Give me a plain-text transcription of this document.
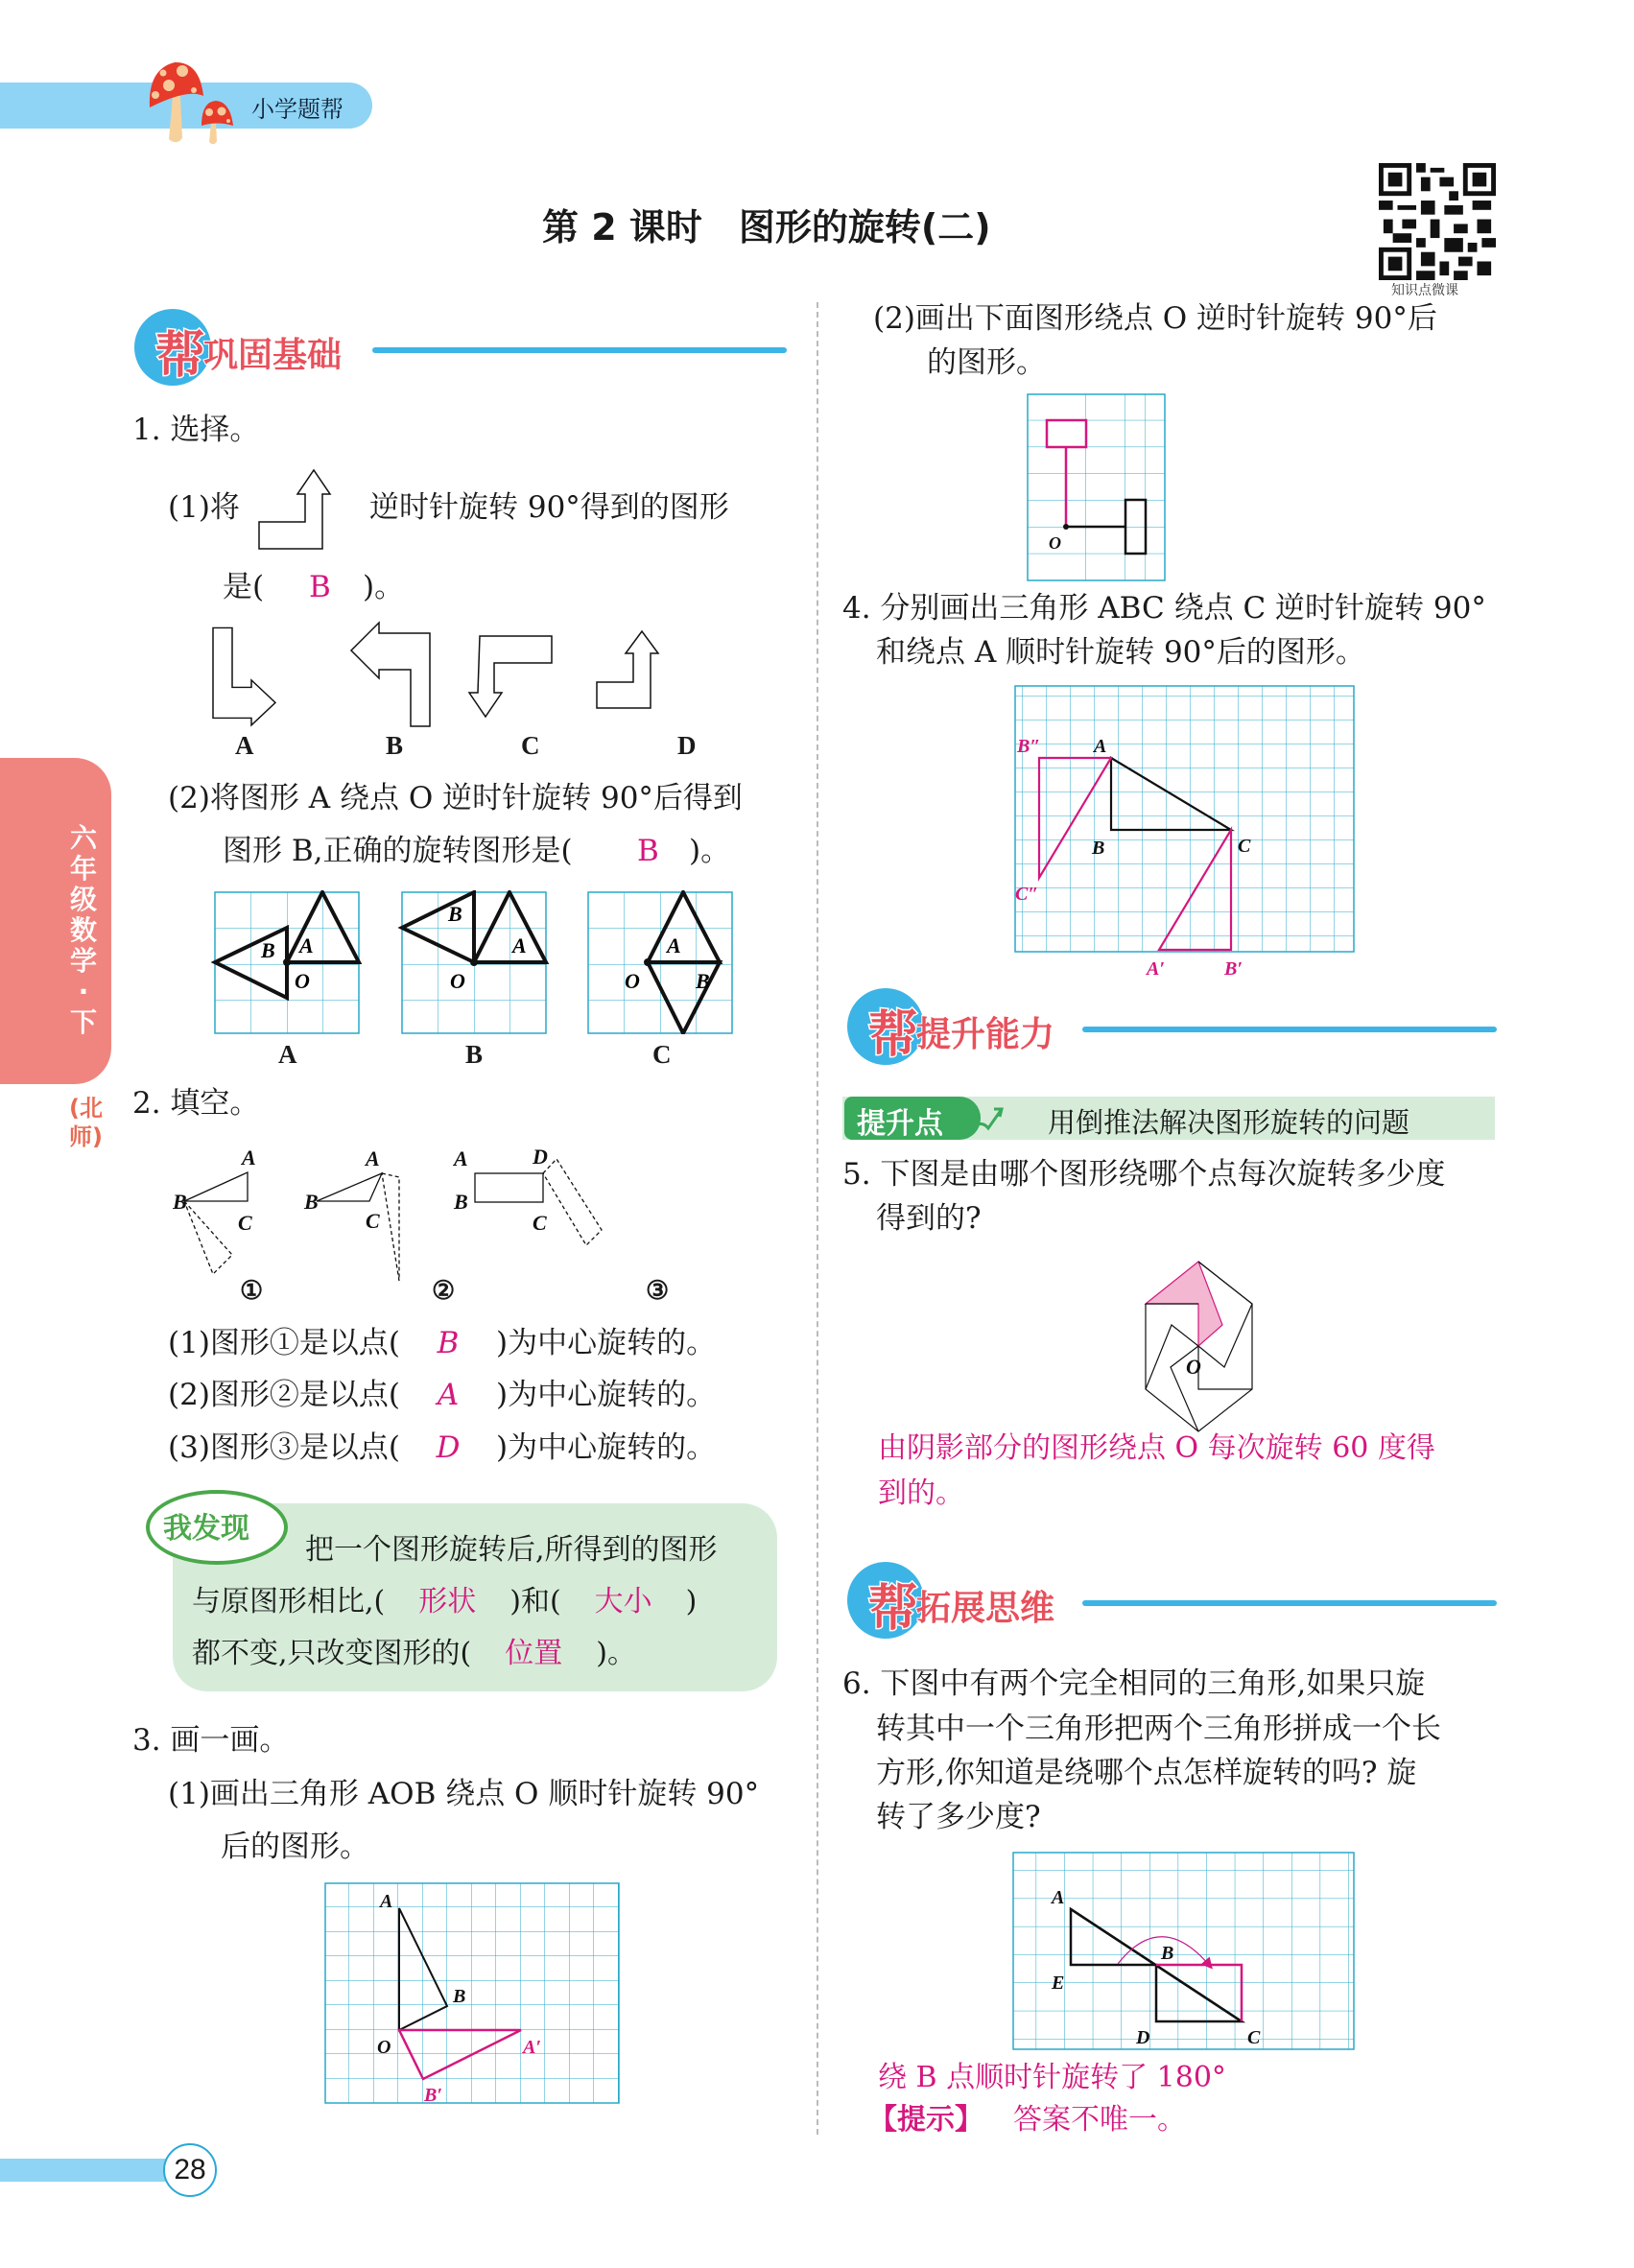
小学题帮
第 2 课时　图形的旋转(二)
知识点微课
六年级数学·下
(北师)
帮 巩固基础
1. 选择。
(1)将	逆时针旋转 90°得到的图形
是( B )。
A	B	C	D
(2)将图形 A 绕点 O 逆时针旋转 90°后得到
图形 B,正确的旋转图形是( B )。
B A
O
B
A
O
A
B
O
A	B	C
2. 填空。
B
A
C
B
A
C
A
B
D
C
①	②	③
(1)图形①是以点( B )为中心旋转的。
(2)图形②是以点( A )为中心旋转的。
(3)图形③是以点( D )为中心旋转的。
我发现
把一个图形旋转后,所得到的图形
与原图形相比,( 形状 )和( 大小 )
都不变,只改变图形的( 位置 )。
3. 画一画。
(1)画出三角形 AOB 绕点 O 顺时针旋转 90°
后的图形。
A
B
O	A′
B′
(2)画出下面图形绕点 O 逆时针旋转 90°后
的图形。
O
4. 分别画出三角形 ABC 绕点 C 逆时针旋转 90°
和绕点 A 顺时针旋转 90°后的图形。
A
B	C
B″
C″
A′	B′
帮 提升能力
提升点	用倒推法解决图形旋转的问题
5. 下图是由哪个图形绕哪个点每次旋转多少度
得到的?
O
由阴影部分的图形绕点 O 每次旋转 60 度得
到的。
帮 拓展思维
6. 下图中有两个完全相同的三角形,如果只旋
转其中一个三角形把两个三角形拼成一个长
方形,你知道是绕哪个点怎样旋转的吗? 旋
转了多少度?
A
B
E
D	C
绕 B 点顺时针旋转了 180°
【提示】 答案不唯一。
28
